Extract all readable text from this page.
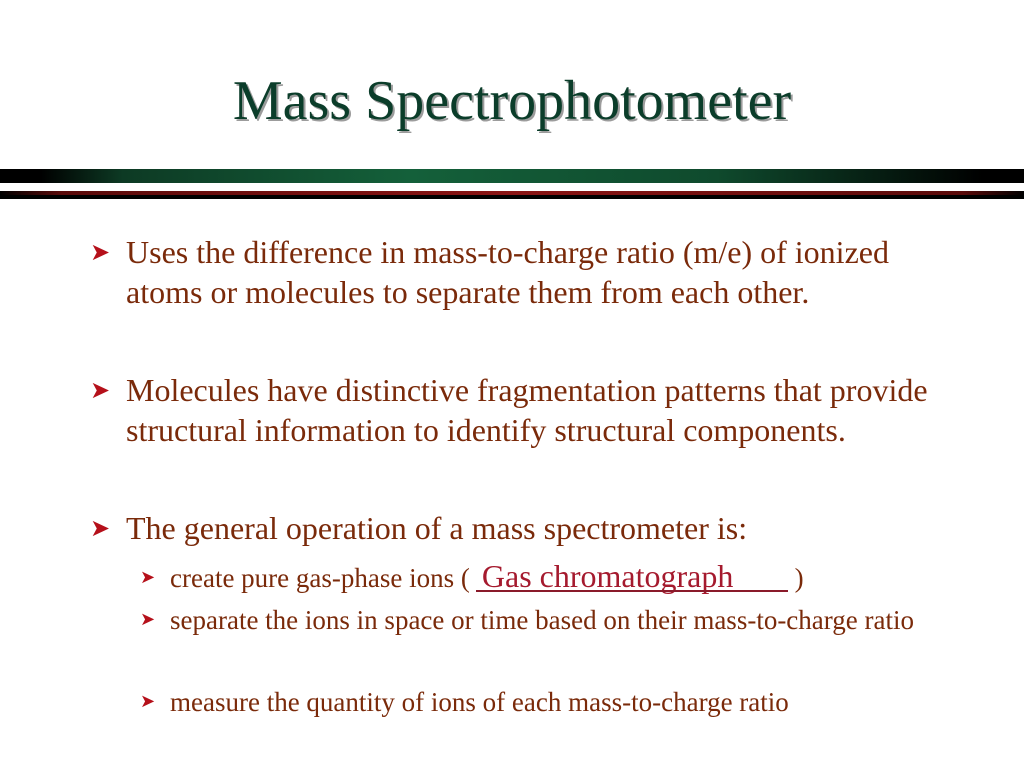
Mass Spectrophotometer
➤ Uses the difference in mass-to-charge ratio (m/e) of ionized atoms or molecules to separate them from each other.
➤ Molecules have distinctive fragmentation patterns that provide structural information to identify structural components.
➤ The general operation of a mass spectrometer is:
➤ create pure gas-phase ions ( Gas chromatograph )
➤ separate the ions in space or time based on their mass-to-charge ratio
➤ measure the quantity of ions of each mass-to-charge ratio
